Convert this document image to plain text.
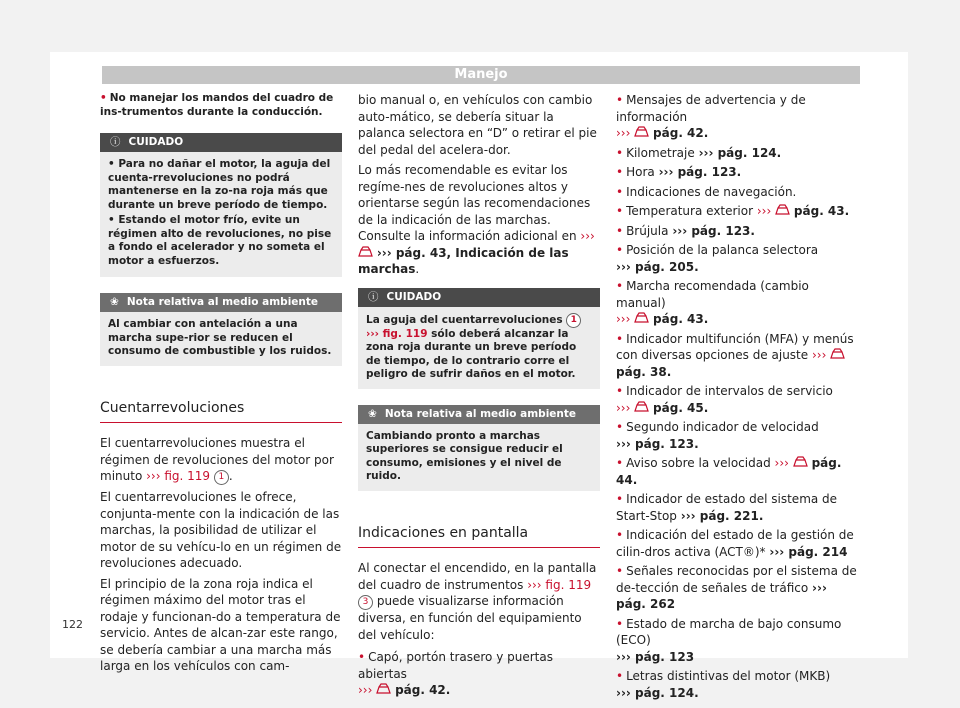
Manejo

• No manejar los mandos del cuadro de ins-trumentos durante la conducción.

ⓘ CUIDADO
• Para no dañar el motor, la aguja del cuenta-rrevoluciones no podrá mantenerse en la zo-na roja más que durante un breve período de tiempo.
• Estando el motor frío, evite un régimen alto de revoluciones, no pise a fondo el acelerador y no someta el motor a esfuerzos.
❀ Nota relativa al medio ambiente
Al cambiar con antelación a una marcha supe-rior se reducen el consumo de combustible y los ruidos.
Cuentarrevoluciones

El cuentarrevoluciones muestra el régimen de revoluciones del motor por minuto ››› fig. 119 1 .

El cuentarrevoluciones le ofrece, conjunta-mente con la indicación de las marchas, la posibilidad de utilizar el motor de su vehícu-lo en un régimen de revoluciones adecuado.

El principio de la zona roja indica el régimen máximo del motor tras el rodaje y funcionan-do a temperatura de servicio. Antes de alcan-zar este rango, se debería cambiar a una marcha más larga en los vehículos con cam-

bio manual o, en vehículos con cambio auto-mático, se debería situar la palanca selectora en “D” o retirar el pie del pedal del acelera-dor.

Lo más recomendable es evitar los regíme-nes de revoluciones altos y orientarse según las recomendaciones de la indicación de las marchas. Consulte la información adicional en ›››  ››› pág. 43, Indicación de las marchas.

ⓘ CUIDADO
La aguja del cuentarrevoluciones 1 ››› fig. 119 sólo deberá alcanzar la zona roja durante un breve período de tiempo, de lo contrario corre el peligro de sufrir daños en el motor.
❀ Nota relativa al medio ambiente
Cambiando pronto a marchas superiores se consigue reducir el consumo, emisiones y el nivel de ruido.
Indicaciones en pantalla

Al conectar el encendido, en la pantalla del cuadro de instrumentos ››› fig. 119 3 puede visualizarse información diversa, en función del equipamiento del vehículo:

• Capó, portón trasero y puertas abiertas
››› pág. 42.

• Mensajes de advertencia y de información
›››  pág. 42.
• Kilometraje ››› pág. 124.
• Hora ››› pág. 123.
• Indicaciones de navegación.
• Temperatura exterior ›››  pág. 43.
• Brújula ››› pág. 123.
• Posición de la palanca selectora
››› pág. 205.
• Marcha recomendada (cambio manual)
›››  pág. 43.
• Indicador multifunción (MFA) y menús con diversas opciones de ajuste ›››  pág. 38.
• Indicador de intervalos de servicio
›››  pág. 45.
• Segundo indicador de velocidad
››› pág. 123.
• Aviso sobre la velocidad ›››  pág. 44.
• Indicador de estado del sistema de Start-Stop ››› pág. 221.
• Indicación del estado de la gestión de cilin-dros activa (ACT®)* ››› pág. 214
• Señales reconocidas por el sistema de de-tección de señales de tráfico ››› pág. 262
• Estado de marcha de bajo consumo (ECO)
››› pág. 123
• Letras distintivas del motor (MKB)
››› pág. 124.
122
